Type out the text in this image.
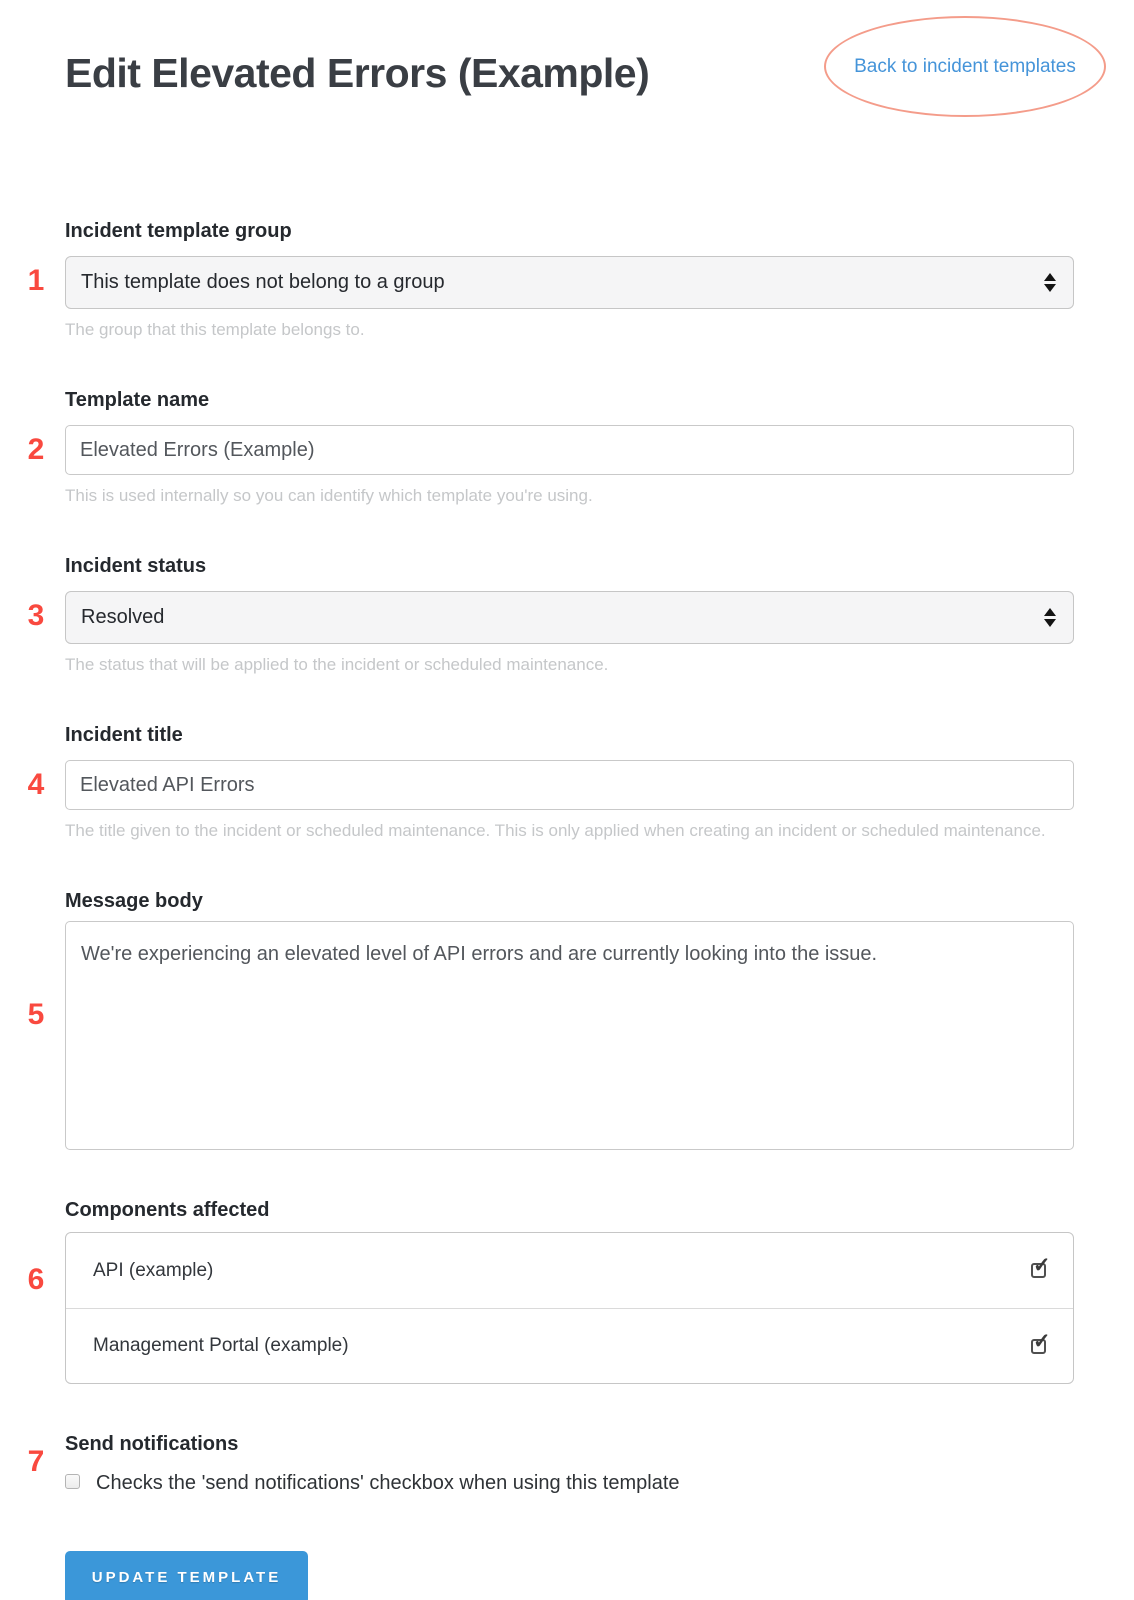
Edit Elevated Errors (Example)	Back to incident templates
1
Incident template group
This template does not belong to a group
The group that this template belongs to.
2
Template name
Elevated Errors (Example)
This is used internally so you can identify which template you're using.
3
Incident status
Resolved
The status that will be applied to the incident or scheduled maintenance.
4
Incident title
Elevated API Errors
The title given to the incident or scheduled maintenance. This is only applied when creating an incident or scheduled maintenance.
5
Message body
We're experiencing an elevated level of API errors and are currently looking into the issue.
6
Components affected
API (example)	✓
Management Portal (example)	✓
7
Send notifications
Checks the 'send notifications' checkbox when using this template
UPDATE TEMPLATE
